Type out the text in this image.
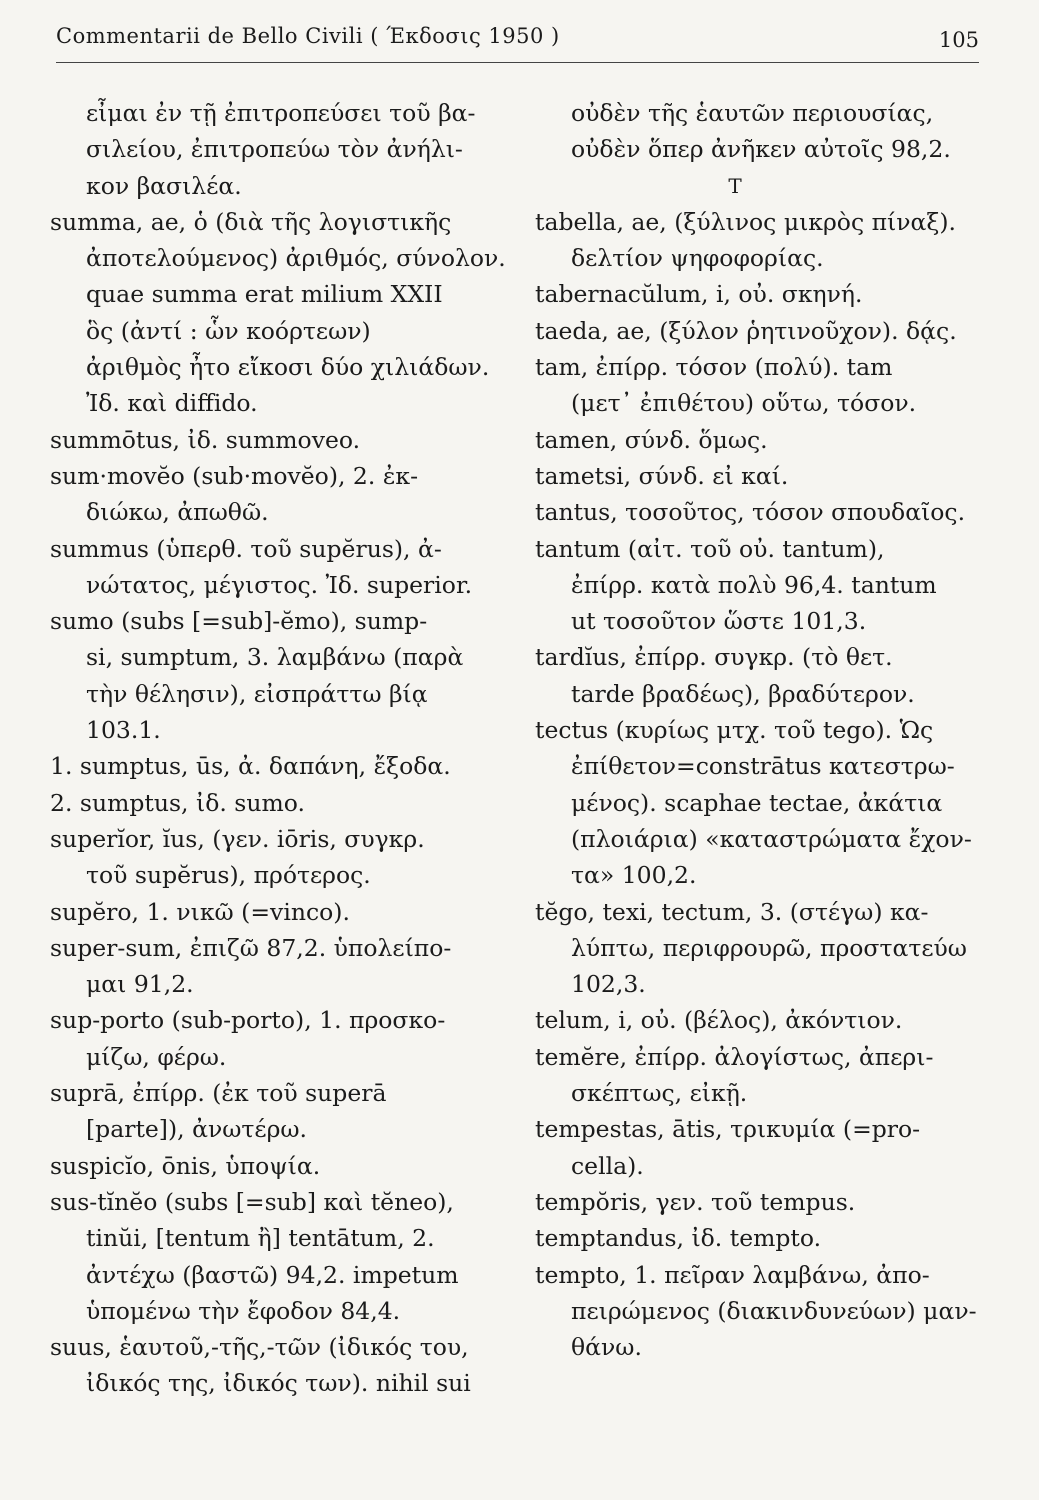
Commentarii de Bello Civili ( Έκδοσις 1950 )	105
εἶμαι ἐν τῇ ἐπιτροπεύσει τοῦ βα-
σιλείου, ἐπιτροπεύω τὸν ἀνήλι-
κον βασιλέα.
summa, ae, ὁ (διὰ τῆς λογιστικῆς
ἀποτελούμενος) ἀριθμός, σύνολον.
quae summa erat milium XXII
ὃς (ἀντί : ὧν κοόρτεων)
ἀριθμὸς ἦτο εἴκοσι δύο χιλιάδων.
Ἰδ. καὶ diffido.
summōtus, ἰδ. summoveo.
sum·movĕo (sub·movĕo), 2. ἐκ-
διώκω, ἀπωθῶ.
summus (ὑπερθ. τοῦ supĕrus), ἀ-
νώτατος, μέγιστος. Ἰδ. superior.
sumo (subs [=sub]-ĕmo), sump-
si, sumptum, 3. λαμβάνω (παρὰ
τὴν θέλησιν), εἰσπράττω βίᾳ
103.1.
1. sumptus, ūs, ἀ. δαπάνη, ἔξοδα.
2. sumptus, ἰδ. sumo.
superĭor, ĭus, (γεν. iōris, συγκρ.
τοῦ supĕrus), πρότερος.
supĕro, 1. νικῶ (=vinco).
super-sum, ἐπιζῶ 87,2. ὑπολείπο-
μαι 91,2.
sup-porto (sub-porto), 1. προσκο-
μίζω, φέρω.
suprā, ἐπίρρ. (ἐκ τοῦ superā
[parte]), ἀνωτέρω.
suspicĭo, ōnis, ὑποψία.
sus-tĭnĕo (subs [=sub] καὶ tĕneo),
tinŭi, [tentum ἢ] tentātum, 2.
ἀντέχω (βαστῶ) 94,2. impetum
ὑπομένω τὴν ἔφοδον 84,4.
suus, ἑαυτοῦ,-τῆς,-τῶν (ἰδικός του,
ἰδικός της, ἰδικός των). nihil sui
οὐδὲν τῆς ἑαυτῶν περιουσίας,
οὐδὲν ὅπερ ἀνῆκεν αὐτοῖς 98,2.
T
tabella, ae, (ξύλινος μικρὸς πίναξ).
δελτίον ψηφοφορίας.
tabernacŭlum, i, οὐ. σκηνή.
taeda, ae, (ξύλον ῥητινοῦχον). δᾴς.
tam, ἐπίρρ. τόσον (πολύ). tam
(μετ᾿ ἐπιθέτου) οὕτω, τόσον.
tamen, σύνδ. ὅμως.
tametsi, σύνδ. εἰ καί.
tantus, τοσοῦτος, τόσον σπουδαῖος.
tantum (αἰτ. τοῦ οὐ. tantum),
ἐπίρρ. κατὰ πολὺ 96,4. tantum
ut τοσοῦτον ὥστε 101,3.
tardĭus, ἐπίρρ. συγκρ. (τὸ θετ.
tarde βραδέως), βραδύτερον.
tectus (κυρίως μτχ. τοῦ tego). Ὡς
ἐπίθετον=constrātus κατεστρω-
μένος). scaphae tectae, ἀκάτια
(πλοιάρια) «καταστρώματα ἔχον-
τα» 100,2.
tĕgo, texi, tectum, 3. (στέγω) κα-
λύπτω, περιφρουρῶ, προστατεύω
102,3.
telum, i, οὐ. (βέλος), ἀκόντιον.
temĕre, ἐπίρρ. ἀλογίστως, ἀπερι-
σκέπτως, εἰκῇ.
tempestas, ātis, τρικυμία (=pro-
cella).
tempŏris, γεν. τοῦ tempus.
temptandus, ἰδ. tempto.
tempto, 1. πεῖραν λαμβάνω, ἀπο-
πειρώμενος (διακινδυνεύων) μαν-
θάνω.
